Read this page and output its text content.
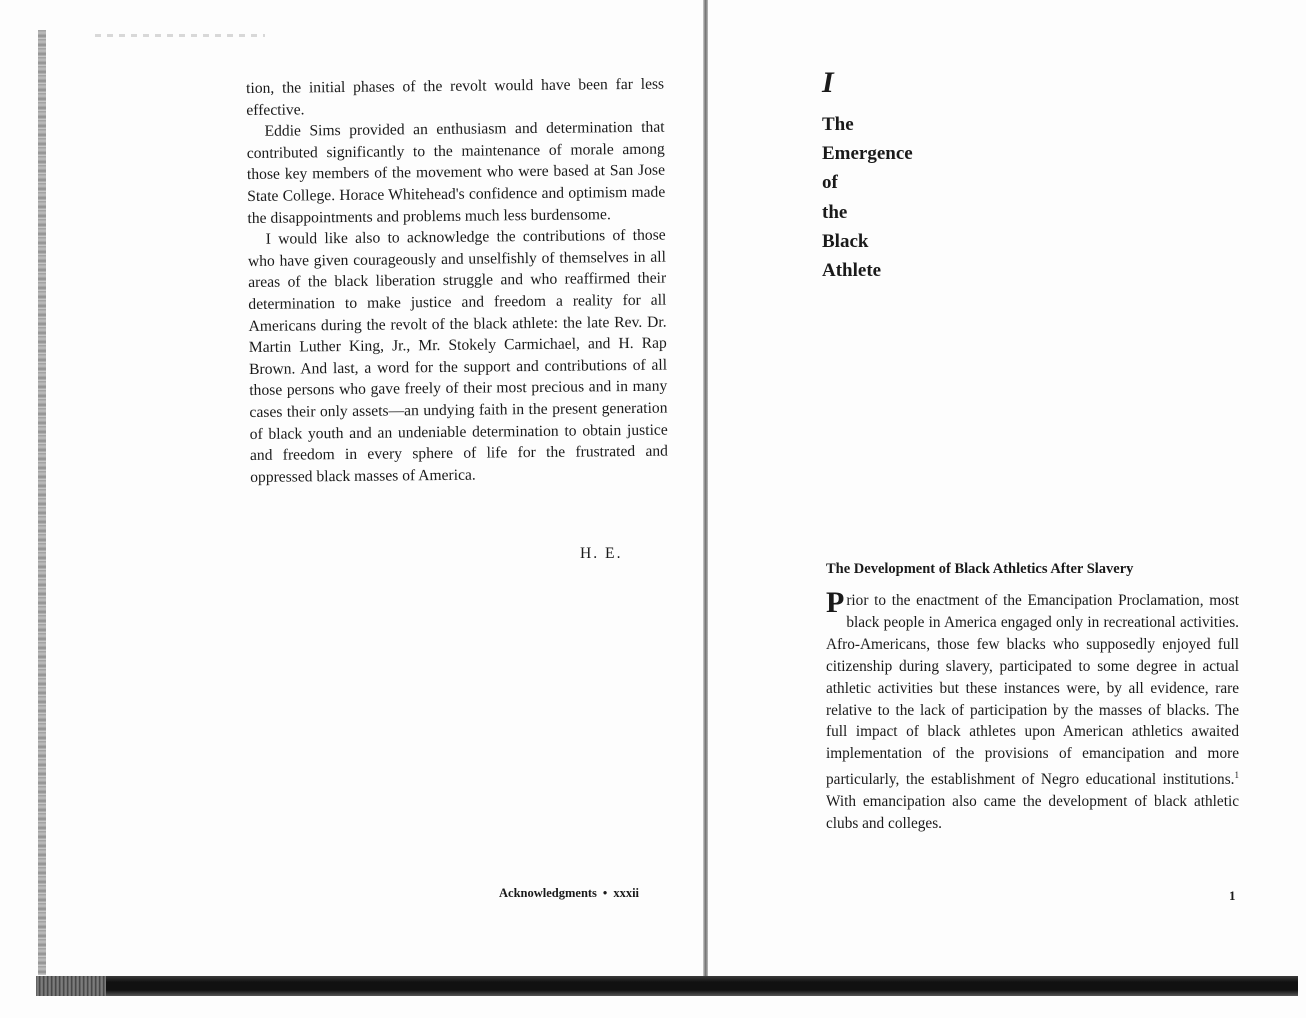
tion, the initial phases of the revolt would have been far less effective.

Eddie Sims provided an enthusiasm and determination that contributed significantly to the maintenance of morale among those key members of the movement who were based at San Jose State College. Horace Whitehead's confidence and optimism made the disappointments and problems much less burdensome.

I would like also to acknowledge the contributions of those who have given courageously and unselfishly of themselves in all areas of the black liberation struggle and who reaffirmed their determination to make justice and freedom a reality for all Americans during the revolt of the black athlete: the late Rev. Dr. Martin Luther King, Jr., Mr. Stokely Carmichael, and H. Rap Brown. And last, a word for the support and contributions of all those persons who gave freely of their most precious and in many cases their only assets—an undying faith in the present generation of black youth and an undeniable determination to obtain justice and freedom in every sphere of life for the frustrated and oppressed black masses of America.

H. E.
Acknowledgments • xxxii
I
The
Emergence
of
the
Black
Athlete
The Development of Black Athletics After Slavery

Prior to the enactment of the Emancipation Proclamation, most black people in America engaged only in recreational activities. Afro-Americans, those few blacks who supposedly enjoyed full citizenship during slavery, participated to some degree in actual athletic activities but these instances were, by all evidence, rare relative to the lack of participation by the masses of blacks. The full impact of black athletes upon American athletics awaited implementation of the provisions of emancipation and more particularly, the establishment of Negro educational institutions.$^1$ With emancipation also came the development of black athletic clubs and colleges.

1
